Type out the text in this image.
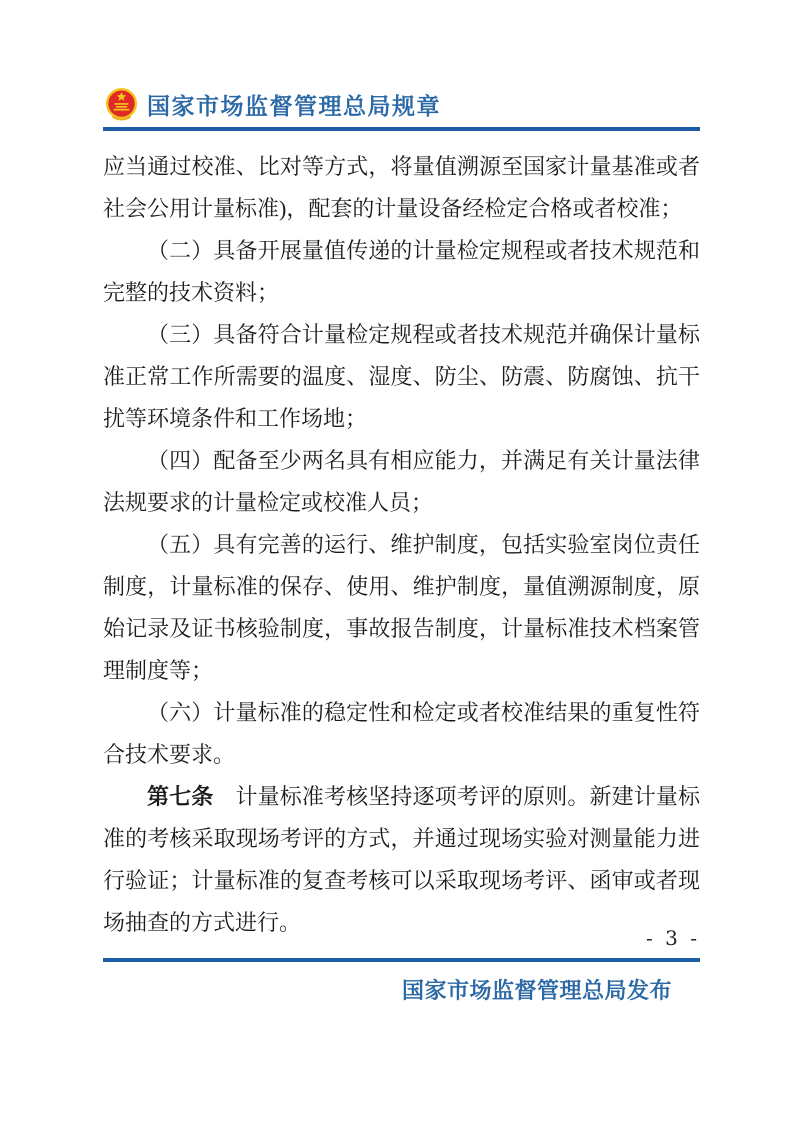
国家市场监督管理总局规章

应当通过校准、比对等方式，将量值溯源至国家计量基准或者社会公用计量标准)，配套的计量设备经检定合格或者校准；

（二）具备开展量值传递的计量检定规程或者技术规范和完整的技术资料；

（三）具备符合计量检定规程或者技术规范并确保计量标准正常工作所需要的温度、湿度、防尘、防震、防腐蚀、抗干扰等环境条件和工作场地；

（四）配备至少两名具有相应能力，并满足有关计量法律法规要求的计量检定或校准人员；

（五）具有完善的运行、维护制度，包括实验室岗位责任制度，计量标准的保存、使用、维护制度，量值溯源制度，原始记录及证书核验制度，事故报告制度，计量标准技术档案管理制度等；

（六）计量标准的稳定性和检定或者校准结果的重复性符合技术要求。

第七条　计量标准考核坚持逐项考评的原则。新建计量标准的考核采取现场考评的方式，并通过现场实验对测量能力进行验证；计量标准的复查考核可以采取现场考评、函审或者现场抽查的方式进行。

- 3 -
国家市场监督管理总局发布
